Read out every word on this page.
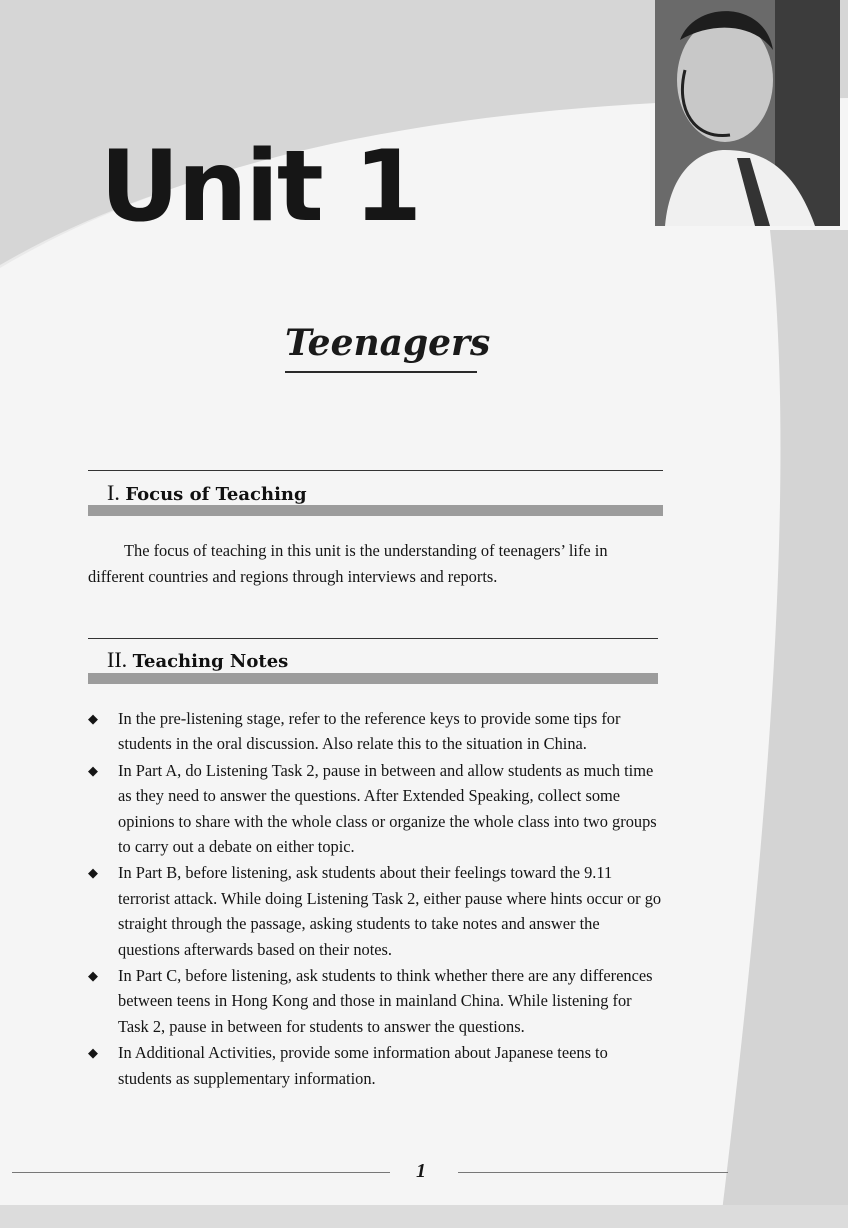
Unit 1
Teenagers
I. Focus of Teaching

The focus of teaching in this unit is the understanding of teenagers’ life in different countries and regions through interviews and reports.

II. Teaching Notes
◆ In the pre-listening stage, refer to the reference keys to provide some tips for students in the oral discussion. Also relate this to the situation in China.
◆ In Part A, do Listening Task 2, pause in between and allow students as much time as they need to answer the questions. After Extended Speaking, collect some opinions to share with the whole class or organize the whole class into two groups to carry out a debate on either topic.
◆ In Part B, before listening, ask students about their feelings toward the 9.11 terrorist attack. While doing Listening Task 2, either pause where hints occur or go straight through the passage, asking students to take notes and answer the questions afterwards based on their notes.
◆ In Part C, before listening, ask students to think whether there are any differences between teens in Hong Kong and those in mainland China. While listening for Task 2, pause in between for students to answer the questions.
◆ In Additional Activities, provide some information about Japanese teens to students as supplementary information.
1
